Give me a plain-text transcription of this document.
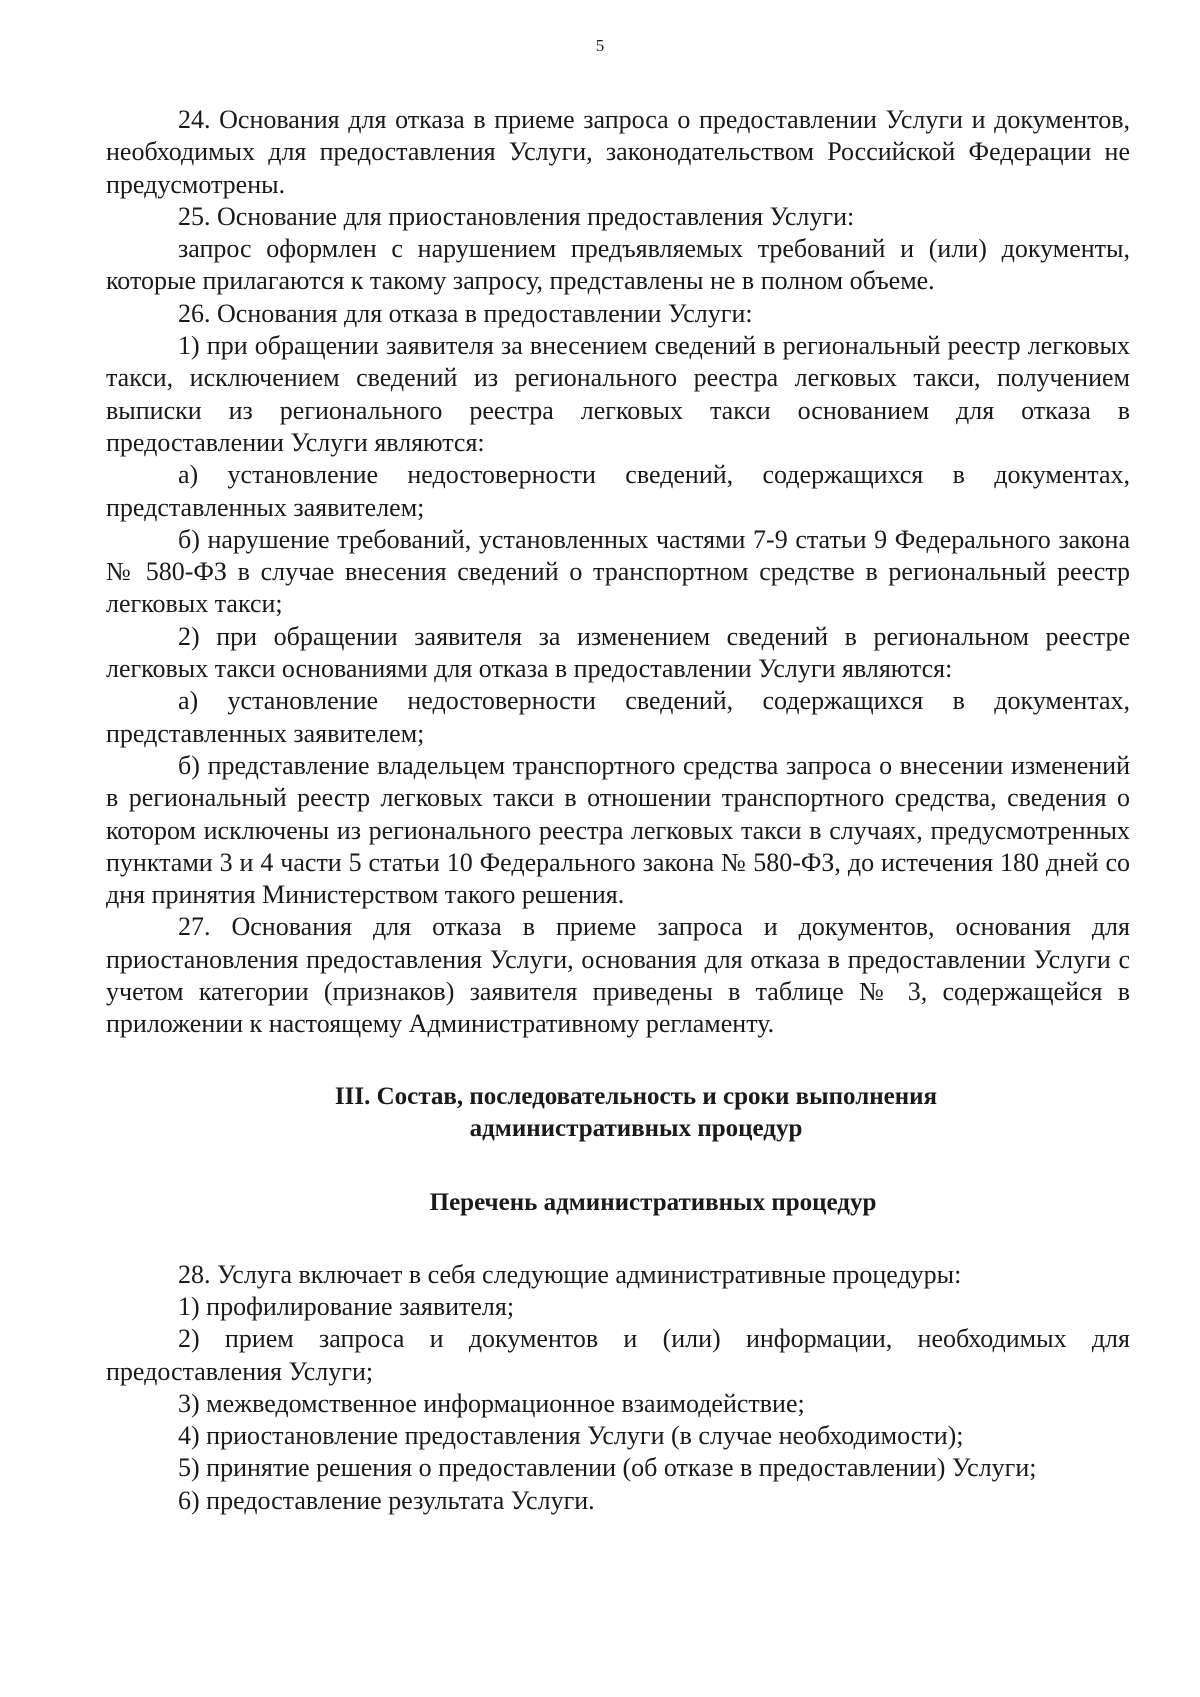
5

24. Основания для отказа в приеме запроса о предоставлении Услуги и документов, необходимых для предоставления Услуги, законодательством Российской Федерации не предусмотрены.

25. Основание для приостановления предоставления Услуги:

запрос оформлен с нарушением предъявляемых требований и (или) документы, которые прилагаются к такому запросу, представлены не в полном объеме.

26. Основания для отказа в предоставлении Услуги:

1) при обращении заявителя за внесением сведений в региональный реестр легковых такси, исключением сведений из регионального реестра легковых такси, получением выписки из регионального реестра легковых такси основанием для отказа в предоставлении Услуги являются:

а) установление недостоверности сведений, содержащихся в документах, представленных заявителем;

б) нарушение требований, установленных частями 7-9 статьи 9 Федерального закона № 580-ФЗ в случае внесения сведений о транспортном средстве в региональный реестр легковых такси;

2) при обращении заявителя за изменением сведений в региональном реестре легковых такси основаниями для отказа в предоставлении Услуги являются:

а) установление недостоверности сведений, содержащихся в документах, представленных заявителем;

б) представление владельцем транспортного средства запроса о внесении изменений в региональный реестр легковых такси в отношении транспортного средства, сведения о котором исключены из регионального реестра легковых такси в случаях, предусмотренных пунктами 3 и 4 части 5 статьи 10 Федерального закона № 580-ФЗ, до истечения 180 дней со дня принятия Министерством такого решения.

27. Основания для отказа в приеме запроса и документов, основания для приостановления предоставления Услуги, основания для отказа в предоставлении Услуги с учетом категории (признаков) заявителя приведены в таблице № 3, содержащейся в приложении к настоящему Административному регламенту.

III. Состав, последовательность и сроки выполнения
административных процедур
Перечень административных процедур

28. Услуга включает в себя следующие административные процедуры:

1) профилирование заявителя;

2) прием запроса и документов и (или) информации, необходимых для предоставления Услуги;

3) межведомственное информационное взаимодействие;

4) приостановление предоставления Услуги (в случае необходимости);

5) принятие решения о предоставлении (об отказе в предоставлении) Услуги;

6) предоставление результата Услуги.
